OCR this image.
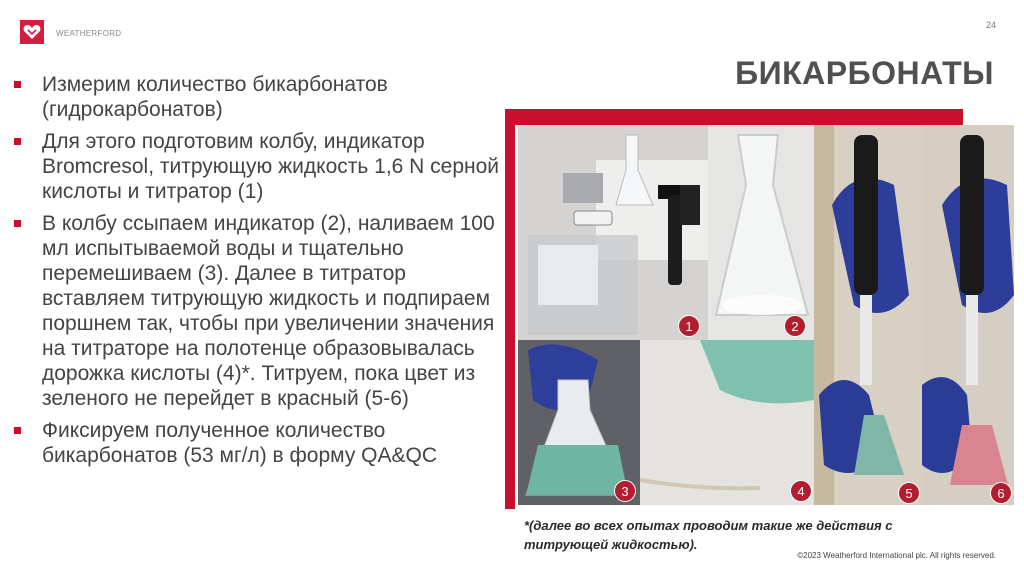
WEATHERFORD
24
БИКАРБОНАТЫ
Измерим количество бикарбонатов (гидрокарбонатов)
Для этого подготовим колбу, индикатор Bromcresol, титрующую жидкость 1,6 N серной кислоты и титратор (1)
В колбу ссыпаем индикатор (2), наливаем 100 мл испытываемой воды и тщательно перемешиваем (3). Далее в титратор вставляем титрующую жидкость и подпираем поршнем так, чтобы при увеличении значения на титраторе на полотенце образовывалась дорожка кислоты (4)*. Титруем, пока цвет из зеленого не перейдет в красный (5-6)
Фиксируем полученное количество бикарбонатов (53 мг/л) в форму QA&QC
1	2
5	6
3	4
*(далее во всех опытах проводим такие же действия с титрующей жидкостью).
©2023 Weatherford International plc. All rights reserved.
